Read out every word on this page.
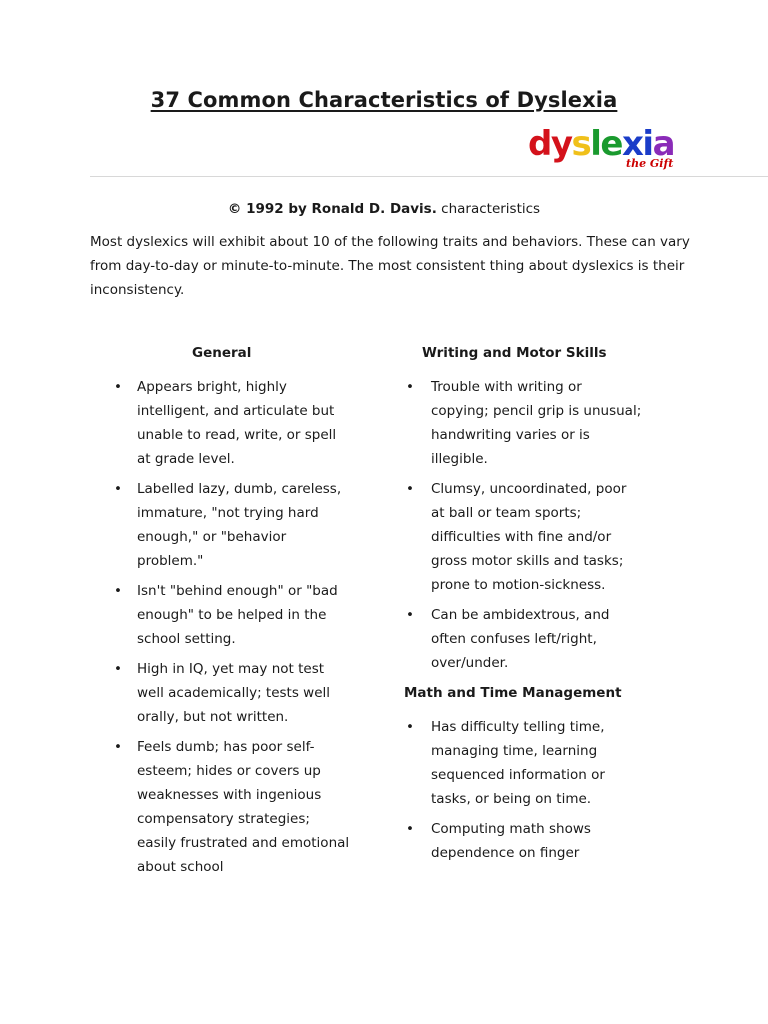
37 Common Characteristics of Dyslexia
dyslexia
the Gift
© 1992 by Ronald D. Davis. characteristics
Most dyslexics will exhibit about 10 of the following traits and behaviors. These can vary from day-to-day or minute-to-minute. The most consistent thing about dyslexics is their inconsistency.
General
• Appears bright, highly intelligent, and articulate but unable to read, write, or spell at grade level.
• Labelled lazy, dumb, careless, immature, "not trying hard enough," or "behavior problem."
• Isn't "behind enough" or "bad enough" to be helped in the school setting.
• High in IQ, yet may not test well academically; tests well orally, but not written.
• Feels dumb; has poor self-esteem; hides or covers up weaknesses with ingenious compensatory strategies; easily frustrated and emotional about school
Writing and Motor Skills
• Trouble with writing or copying; pencil grip is unusual; handwriting varies or is illegible.
• Clumsy, uncoordinated, poor at ball or team sports; difficulties with fine and/or gross motor skills and tasks; prone to motion-sickness.
• Can be ambidextrous, and often confuses left/right, over/under.
Math and Time Management
• Has difficulty telling time, managing time, learning sequenced information or tasks, or being on time.
• Computing math shows dependence on finger
